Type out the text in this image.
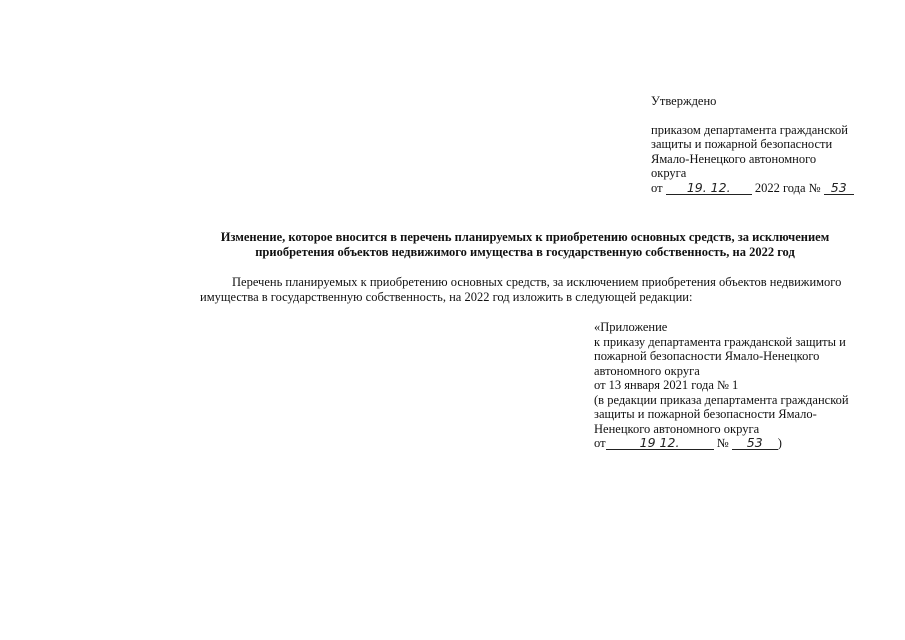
Утверждено
приказом департамента гражданской
защиты и пожарной безопасности
Ямало-Ненецкого автономного
округа
от 19. 12. 2022 года № 53
Изменение, которое вносится в перечень планируемых к приобретению основных средств, за исключением
приобретения объектов недвижимого имущества в государственную собственность, на 2022 год
Перечень планируемых к приобретению основных средств, за исключением приобретения объектов недвижимого имущества в государственную собственность, на 2022 год изложить в следующей редакции:
«Приложение
к приказу департамента гражданской защиты и
пожарной безопасности Ямало-Ненецкого
автономного округа
от 13 января 2021 года № 1
(в редакции приказа департамента гражданской
защиты и пожарной безопасности Ямало-
Ненецкого автономного округа
от	19 12.	№ 53 )
